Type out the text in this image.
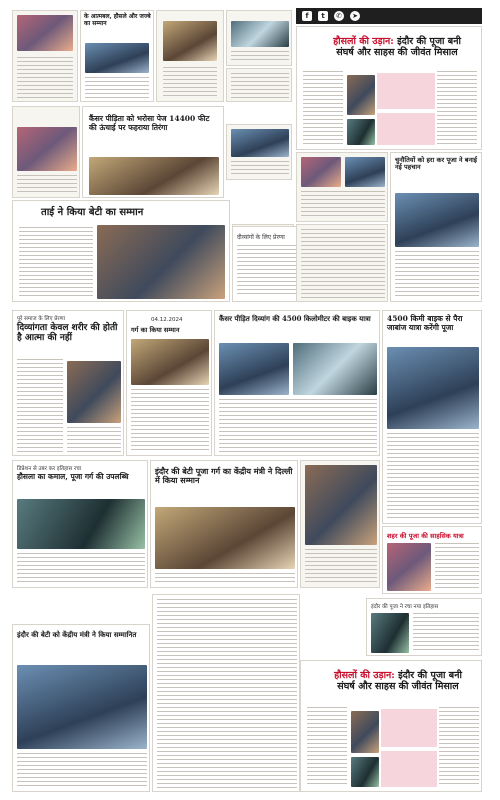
के आत्मबल, हौसले और जज्बे का सम्मान
f	t	✆ ➤
हौसलों की उड़ान: इंदौर की पूजा बनी
संघर्ष और साहस की जीवंत मिसाल
कैंसर पीड़िता को भरोसा पेज 14400 फीट की ऊंचाई पर फहराया तिरंगा
ताई ने किया बेटी का सम्मान
दीव्यांगों के लिए प्रेरणा
चुनौतियों को हरा कर पूजा ने बनाई नई पहचान
पूरे समाज के लिए प्रेरणा
दिव्यांगता केवल शरीर की होती है आत्मा की नहीं
04.12.2024
गर्ग का किया सम्मान
कैंसर पीड़ित दिव्यांग की 4500 किलोमीटर की बाइक यात्रा	4500 किमी बाइक से पैरा जाबांज यात्रा करेंगी पूजा
डिप्रेशन से उबर कर इतिहास रचा
हौसला का कमाल, पूजा गर्ग की उपलब्धि
इंदौर की बेटी पूजा गर्ग का केंद्रीय मंत्री ने दिल्ली में किया सम्मान
शहर की पूजा की साहसिक यात्रा
इंदौर की बेटी को केंद्रीय मंत्री ने किया सम्मानित
इंदौर की पूजा ने रचा नया इतिहास
हौसलों की उड़ान: इंदौर की पूजा बनी
संघर्ष और साहस की जीवंत मिसाल
